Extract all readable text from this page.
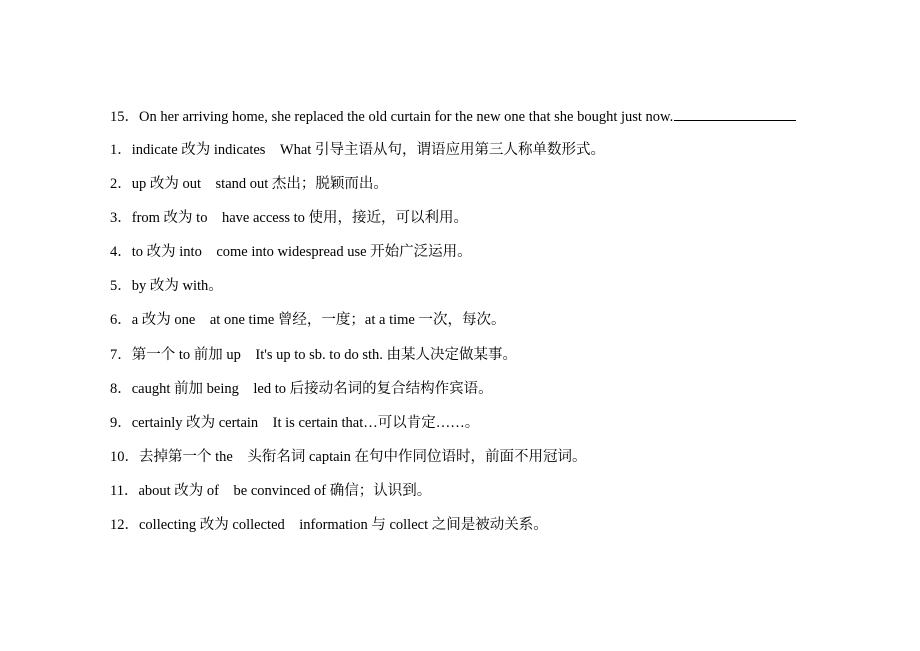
15．On her arriving home, she replaced the old curtain for the new one that she bought just now.
1．indicate 改为 indicates　What 引导主语从句，谓语应用第三人称单数形式。
2．up 改为 out　stand out 杰出；脱颖而出。
3．from 改为 to　have access to 使用，接近，可以利用。
4．to 改为 into　come into widespread use 开始广泛运用。
5．by 改为 with。
6．a 改为 one　at one time 曾经，一度；at a time 一次，每次。
7．第一个 to 前加 up　It's up to sb. to do sth. 由某人决定做某事。
8．caught 前加 being　led to 后接动名词的复合结构作宾语。
9．certainly 改为 certain　It is certain that…可以肯定……。
10．去掉第一个 the　头衔名词 captain 在句中作同位语时，前面不用冠词。
11．about 改为 of　be convinced of 确信；认识到。
12．collecting 改为 collected　information 与 collect 之间是被动关系。
